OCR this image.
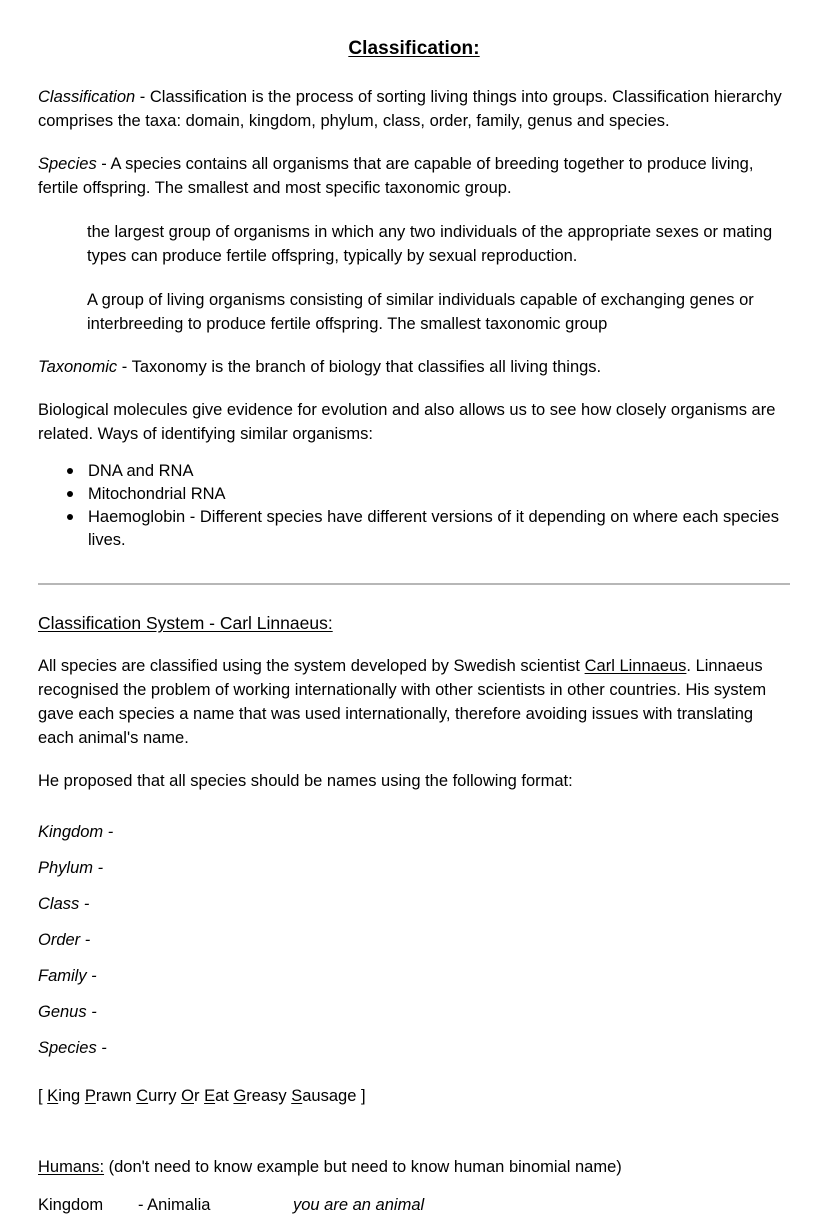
Classification:

Classification - Classification is the process of sorting living things into groups. Classification hierarchy comprises the taxa: domain, kingdom, phylum, class, order, family, genus and species.

Species - A species contains all organisms that are capable of breeding together to produce living, fertile offspring. The smallest and most specific taxonomic group.

the largest group of organisms in which any two individuals of the appropriate sexes or mating types can produce fertile offspring, typically by sexual reproduction.

A group of living organisms consisting of similar individuals capable of exchanging genes or interbreeding to produce fertile offspring. The smallest taxonomic group

Taxonomic - Taxonomy is the branch of biology that classifies all living things.

Biological molecules give evidence for evolution and also allows us to see how closely organisms are related. Ways of identifying similar organisms:

DNA and RNA
Mitochondrial RNA
Haemoglobin - Different species have different versions of it depending on where each species lives.
Classification System - Carl Linnaeus:

All species are classified using the system developed by Swedish scientist Carl Linnaeus. Linnaeus recognised the problem of working internationally with other scientists in other countries. His system gave each species a name that was used internationally, therefore avoiding issues with translating each animal's name.

He proposed that all species should be names using the following format:

Kingdom -
Phylum -
Class -
Order -
Family -
Genus -
Species -

[ King Prawn Curry Or Eat Greasy Sausage ]

Humans: (don't need to know example but need to know human binomial name)

Kingdom	- Animalia	you are an animal
